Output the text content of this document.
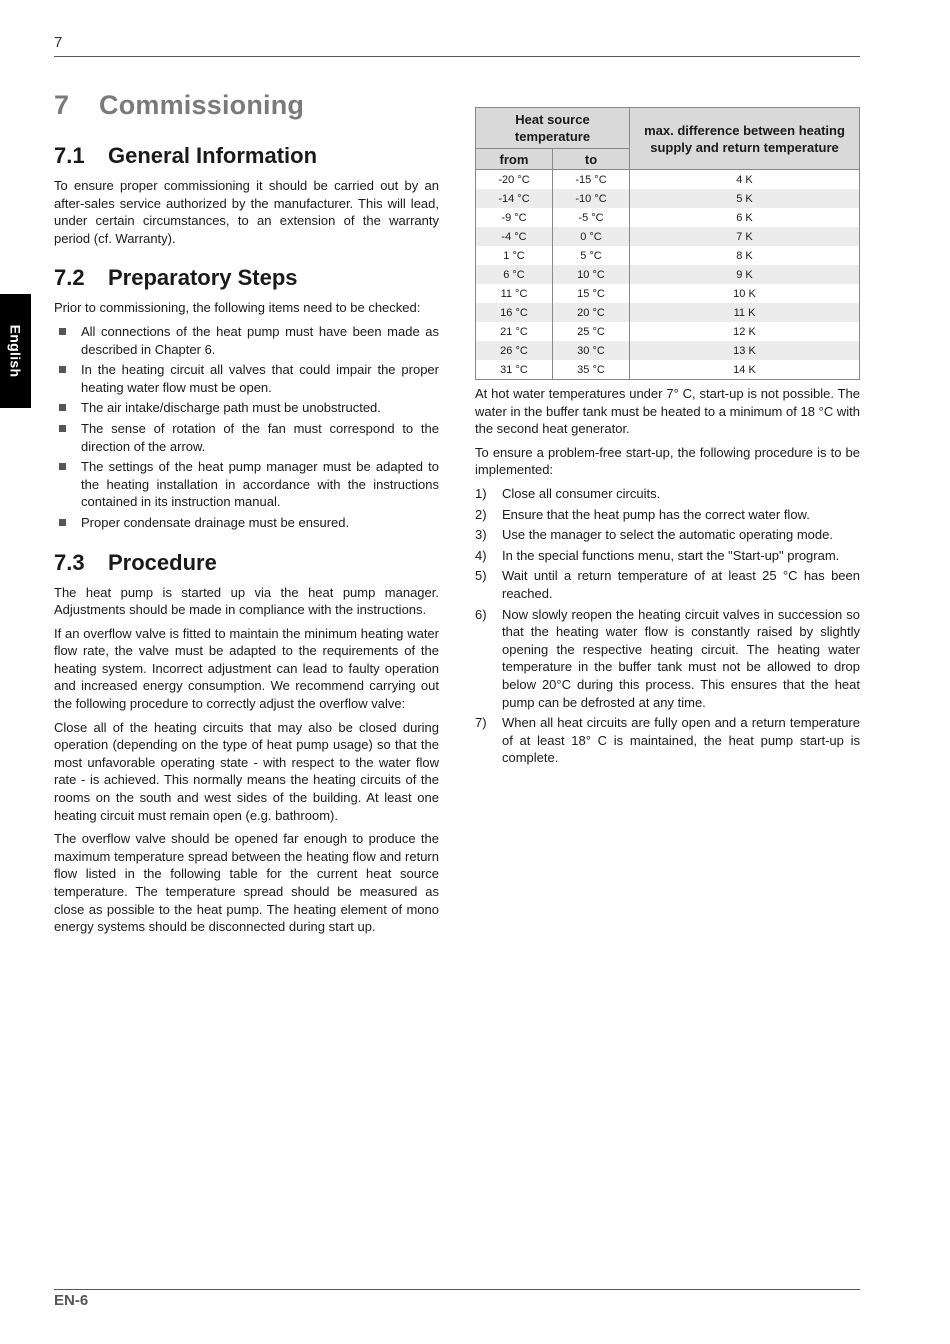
7
English
7	Commissioning
7.1	General Information

To ensure proper commissioning it should be carried out by an after-sales service authorized by the manufacturer. This will lead, under certain circumstances, to an extension of the warranty period (cf. Warranty).

7.2	Preparatory Steps

Prior to commissioning, the following items need to be checked:

All connections of the heat pump must have been made as described in Chapter 6.
In the heating circuit all valves that could impair the proper heating water flow must be open.
The air intake/discharge path must be unobstructed.
The sense of rotation of the fan must correspond to the direction of the arrow.
The settings of the heat pump manager must be adapted to the heating installation in accordance with the instructions contained in its instruction manual.
Proper condensate drainage must be ensured.
7.3	Procedure

The heat pump is started up via the heat pump manager. Adjustments should be made in compliance with the instructions.

If an overflow valve is fitted to maintain the minimum heating water flow rate, the valve must be adapted to the requirements of the heating system. Incorrect adjustment can lead to faulty operation and increased energy consumption. We recommend carrying out the following procedure to correctly adjust the overflow valve:

Close all of the heating circuits that may also be closed during operation (depending on the type of heat pump usage) so that the most unfavorable operating state - with respect to the water flow rate - is achieved. This normally means the heating circuits of the rooms on the south and west sides of the building. At least one heating circuit must remain open (e.g. bathroom).

The overflow valve should be opened far enough to produce the maximum temperature spread between the heating flow and return flow listed in the following table for the current heat source temperature. The temperature spread should be measured as close as possible to the heat pump. The heating element of mono energy systems should be disconnected during start up.

Heat source temperature		max. difference between heating supply and return temperature
from	to	
-20 °C	-15 °C	4 K
-14 °C	-10 °C	5 K
-9 °C	-5 °C	6 K
-4 °C	0 °C	7 K
1 °C	5 °C	8 K
6 °C	10 °C	9 K
11 °C	15 °C	10 K
16 °C	20 °C	11 K
21 °C	25 °C	12 K
26 °C	30 °C	13 K
31 °C	35 °C	14 K

At hot water temperatures under 7° C, start-up is not possible. The water in the buffer tank must be heated to a minimum of 18 °C with the second heat generator.

To ensure a problem-free start-up, the following procedure is to be implemented:

1) Close all consumer circuits.
2) Ensure that the heat pump has the correct water flow.
3) Use the manager to select the automatic operating mode.
4) In the special functions menu, start the "Start-up" program.
5) Wait until a return temperature of at least 25 °C has been reached.
6) Now slowly reopen the heating circuit valves in succession so that the heating water flow is constantly raised by slightly opening the respective heating circuit. The heating water temperature in the buffer tank must not be allowed to drop below 20°C during this process. This ensures that the heat pump can be defrosted at any time.
7) When all heat circuits are fully open and a return temperature of at least 18° C is maintained, the heat pump start-up is complete.
EN-6
